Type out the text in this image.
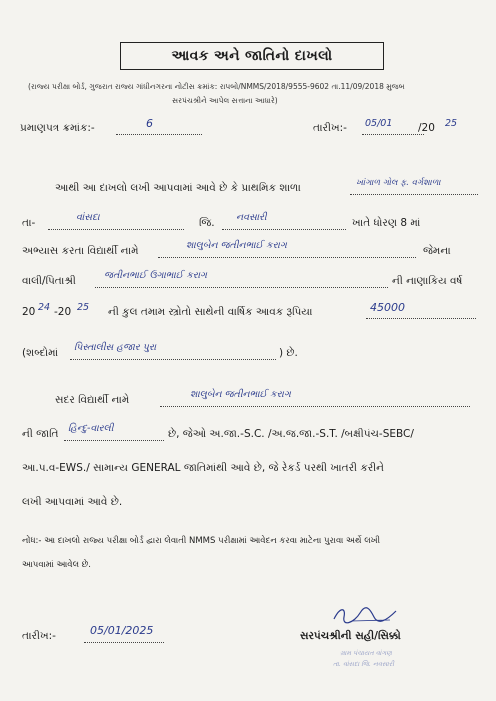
આવક અને જાતિનો દાખલો
(રાજ્ય પરીક્ષા બોર્ડ, ગુજરાત રાજ્ય ગાંધીનગરના નોટીસ ક્રમાંક: રાપબો/NMMS/2018/9555-9602 તા.11/09/2018 મુજબ
સરપંચશ્રીને આપેલ સત્તાના આધારે)
પ્રમાણપત્ર ક્રમાંક:-	6	તારીખ:- 05/01 /20 25
આથી આ દાખલો લખી આપવામાં આવે છે કે પ્રાથમિક શાળા	ખાંગાળ ગોલ ફ. વર્ગશાળા
તા-	વાંસદા	જિ. નવસારી	ખાતે ધોરણ 8 માં
અભ્યાસ કરતા વિદ્યાર્થી નામે	શાલુબેન જતીનભાઈ કરાગ	જેમના
વાલી/પિતાશ્રી	જતીનભાઈ ઉગાભાઈ કરાગ	ની નાણાકિય વર્ષ
20 24 -20 25 ની કુલ તમામ સ્ત્રોતો સાથેની વાર્ષિક આવક રૂપિયા	45000
(શબ્દોમાં પિસ્તાલીસ હજાર પુરા	) છે.
સદર વિદ્યાર્થી નામે	શાલુબેન જતીનભાઈ કરાગ
ની જાતિ હિન્દુ-વારલી	છે, જેઓ અ.જા.-S.C. /અ.જ.જા.-S.T. /બક્ષીપંચ-SEBC/
આ.પ.વ-EWS./ સામાન્ય GENERAL જાતિમાંથી આવે છે, જે રેકર્ડ પરથી ખાતરી કરીને
લખી આપવામાં આવે છે.
નોંધ:- આ દાખલો રાજ્ય પરીક્ષા બોર્ડ દ્વારા લેવાતી NMMS પરીક્ષામાં આવેદન કરવા માટેના પુરાવા અર્થે લખી
આપવામાં આવેલ છે.
તારીખ:-	05/01/2025	સરપંચશ્રીની સહી/સિક્કો
ગ્રામ પંચાયત વાંગણ
તા. વાંસદા જિ. નવસારી
